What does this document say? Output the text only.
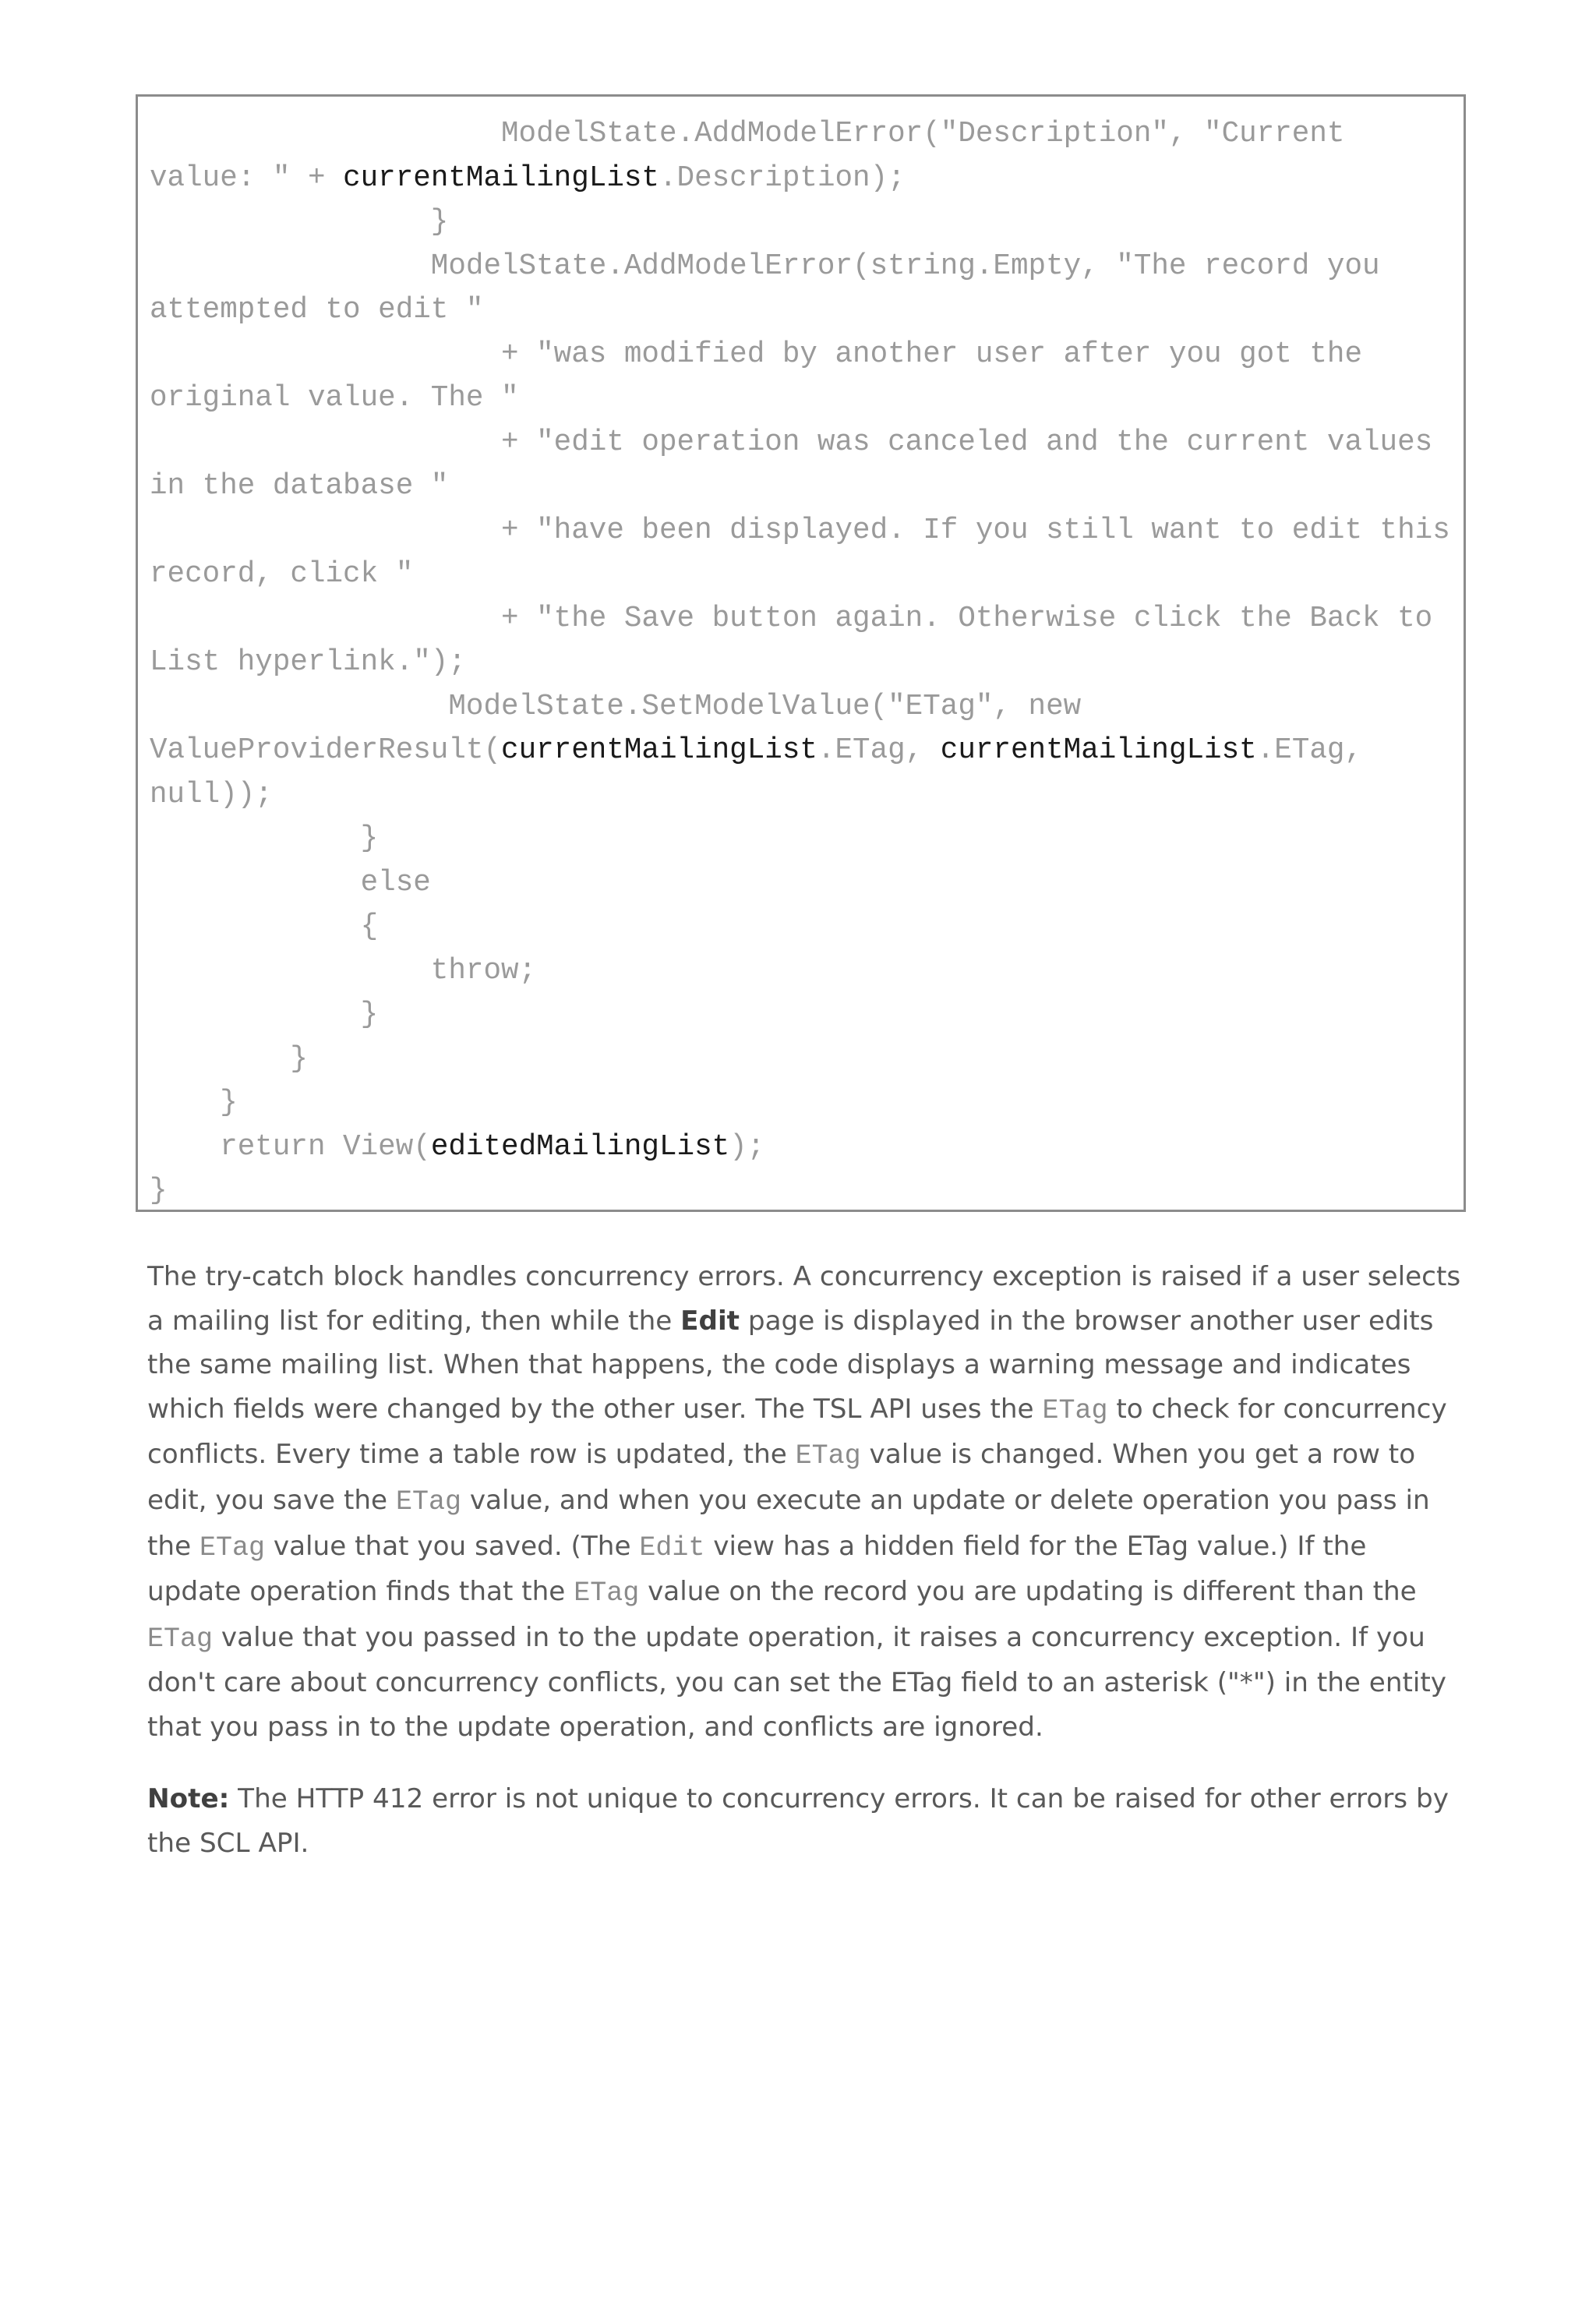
ModelState.AddModelError("Description", "Current
value: " + currentMailingList.Description);
}
ModelState.AddModelError(string.Empty, "The record you
attempted to edit "
+ "was modified by another user after you got the
original value. The "
+ "edit operation was canceled and the current values
in the database "
+ "have been displayed. If you still want to edit this
record, click "
+ "the Save button again. Otherwise click the Back to
List hyperlink.");
ModelState.SetModelValue("ETag", new
ValueProviderResult(currentMailingList.ETag, currentMailingList.ETag,
null));
}
else
{
throw;
}
}
}
return View(editedMailingList);
}

The try-catch block handles concurrency errors. A concurrency exception is raised if a user selects a mailing list for editing, then while the Edit page is displayed in the browser another user edits the same mailing list. When that happens, the code displays a warning message and indicates which fields were changed by the other user. The TSL API uses the ETag to check for concurrency conflicts. Every time a table row is updated, the ETag value is changed. When you get a row to edit, you save the ETag value, and when you execute an update or delete operation you pass in the ETag value that you saved. (The Edit view has a hidden field for the ETag value.) If the update operation finds that the ETag value on the record you are updating is different than the ETag value that you passed in to the update operation, it raises a concurrency exception. If you don't care about concurrency conflicts, you can set the ETag field to an asterisk ("*") in the entity that you pass in to the update operation, and conflicts are ignored.

Note: The HTTP 412 error is not unique to concurrency errors. It can be raised for other errors by the SCL API.
